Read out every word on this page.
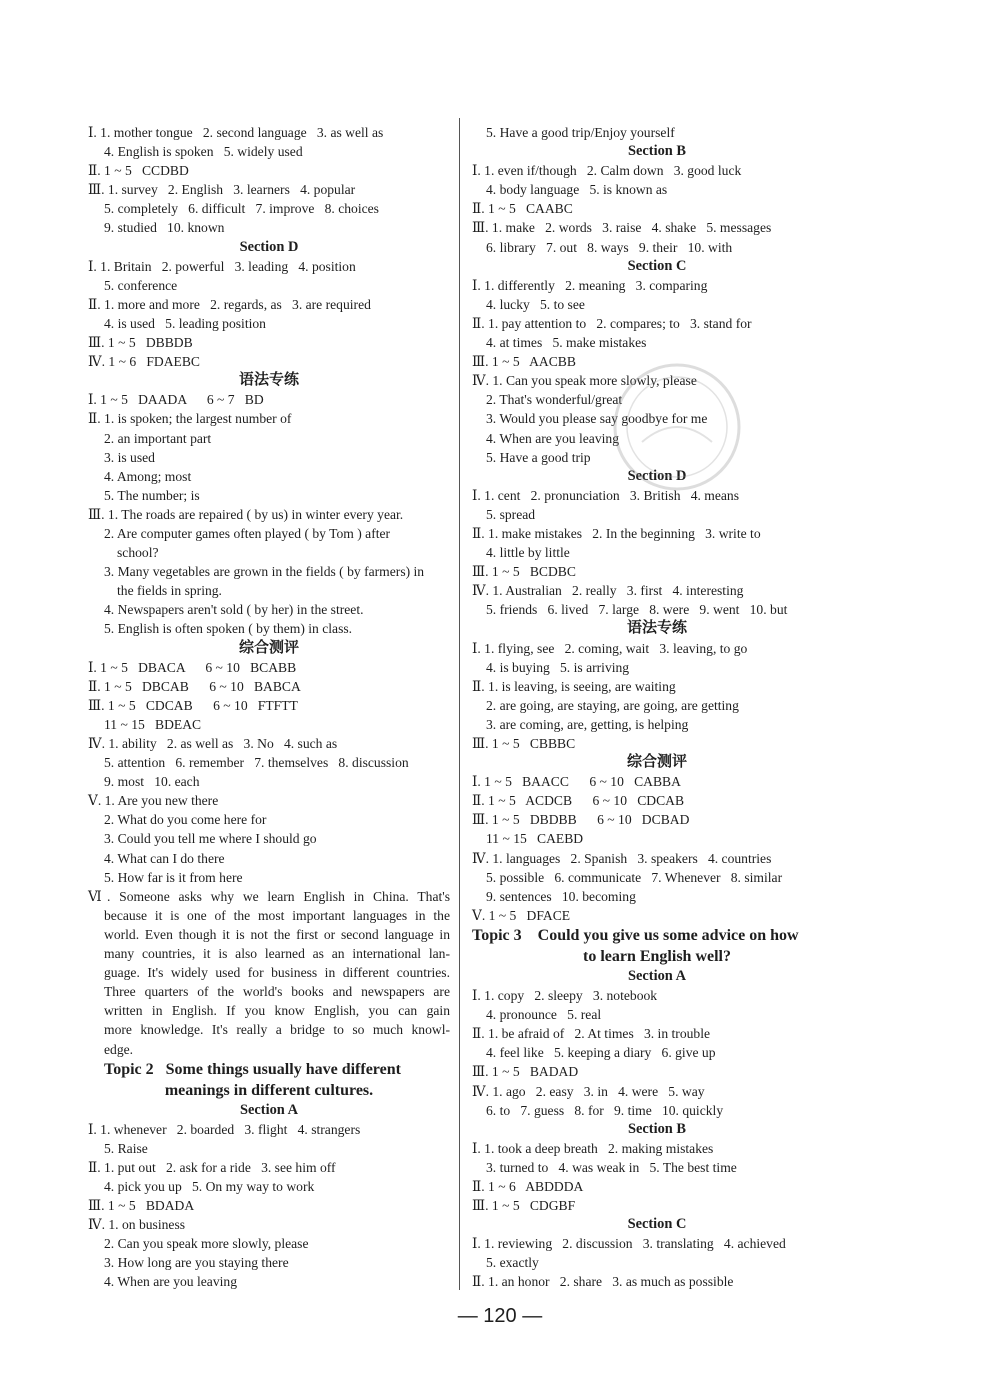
Ⅰ. 1. mother tongue   2. second language   3. as well as
4. English is spoken   5. widely used
Ⅱ. 1 ~ 5   CCDBD
Ⅲ. 1. survey   2. English   3. learners   4. popular
5. completely   6. difficult   7. improve   8. choices
9. studied   10. known
Section D
Ⅰ. 1. Britain   2. powerful   3. leading   4. position
5. conference
Ⅱ. 1. more and more   2. regards, as   3. are required
4. is used   5. leading position
Ⅲ. 1 ~ 5   DBBDB
Ⅳ. 1 ~ 6   FDAEBC
语法专练
Ⅰ. 1 ~ 5   DAADA      6 ~ 7   BD
Ⅱ. 1. is spoken; the largest number of
2. an important part
3. is used
4. Among; most
5. The number; is
Ⅲ. 1. The roads are repaired ( by us) in winter every year.
2. Are computer games often played ( by Tom ) after
school?
3. Many vegetables are grown in the fields ( by farmers) in
the fields in spring.
4. Newspapers aren't sold ( by her) in the street.
5. English is often spoken ( by them) in class.
综合测评
Ⅰ. 1 ~ 5   DBACA      6 ~ 10   BCABB
Ⅱ. 1 ~ 5   DBCAB      6 ~ 10   BABCA
Ⅲ. 1 ~ 5   CDCAB      6 ~ 10   FTFTT
11 ~ 15   BDEAC
Ⅳ. 1. ability   2. as well as   3. No   4. such as
5. attention   6. remember   7. themselves   8. discussion
9. most   10. each
Ⅴ. 1. Are you new there
2. What do you come here for
3. Could you tell me where I should go
4. What can I do there
5. How far is it from here
Ⅵ. Someone asks why we learn English in China. That's
because it is one of the most important languages in the
world. Even though it is not the first or second language in
many countries, it is also learned as an international lan-
guage. It's widely used for business in different countries.
Three quarters of the world's books and newspapers are
written in English. If you know English, you can gain
more knowledge. It's really a bridge to so much knowl-
edge.
Topic 2   Some things usually have different
meanings in different cultures.
Section A
Ⅰ. 1. whenever   2. boarded   3. flight   4. strangers
5. Raise
Ⅱ. 1. put out   2. ask for a ride   3. see him off
4. pick you up   5. On my way to work
Ⅲ. 1 ~ 5   BDADA
Ⅳ. 1. on business
2. Can you speak more slowly, please
3. How long are you staying there
4. When are you leaving
5. Have a good trip/Enjoy yourself
Section B
Ⅰ. 1. even if/though   2. Calm down   3. good luck
4. body language   5. is known as
Ⅱ. 1 ~ 5   CAABC
Ⅲ. 1. make   2. words   3. raise   4. shake   5. messages
6. library   7. out   8. ways   9. their   10. with
Section C
Ⅰ. 1. differently   2. meaning   3. comparing
4. lucky   5. to see
Ⅱ. 1. pay attention to   2. compares; to   3. stand for
4. at times   5. make mistakes
Ⅲ. 1 ~ 5   AACBB
Ⅳ. 1. Can you speak more slowly, please
2. That's wonderful/great
3. Would you please say goodbye for me
4. When are you leaving
5. Have a good trip
Section D
Ⅰ. 1. cent   2. pronunciation   3. British   4. means
5. spread
Ⅱ. 1. make mistakes   2. In the beginning   3. write to
4. little by little
Ⅲ. 1 ~ 5   BCDBC
Ⅳ. 1. Australian   2. really   3. first   4. interesting
5. friends   6. lived   7. large   8. were   9. went   10. but
语法专练
Ⅰ. 1. flying, see   2. coming, wait   3. leaving, to go
4. is buying   5. is arriving
Ⅱ. 1. is leaving, is seeing, are waiting
2. are going, are staying, are going, are getting
3. are coming, are, getting, is helping
Ⅲ. 1 ~ 5   CBBBC
综合测评
Ⅰ. 1 ~ 5   BAACC      6 ~ 10   CABBA
Ⅱ. 1 ~ 5   ACDCB      6 ~ 10   CDCAB
Ⅲ. 1 ~ 5   DBDBB      6 ~ 10   DCBAD
11 ~ 15   CAEBD
Ⅳ. 1. languages   2. Spanish   3. speakers   4. countries
5. possible   6. communicate   7. Whenever   8. similar
9. sentences   10. becoming
Ⅴ. 1 ~ 5   DFACE
Topic 3    Could you give us some advice on how
to learn English well?
Section A
Ⅰ. 1. copy   2. sleepy   3. notebook
4. pronounce   5. real
Ⅱ. 1. be afraid of   2. At times   3. in trouble
4. feel like   5. keeping a diary   6. give up
Ⅲ. 1 ~ 5   BADAD
Ⅳ. 1. ago   2. easy   3. in   4. were   5. way
6. to   7. guess   8. for   9. time   10. quickly
Section B
Ⅰ. 1. took a deep breath   2. making mistakes
3. turned to   4. was weak in   5. The best time
Ⅱ. 1 ~ 6   ABDDDA
Ⅲ. 1 ~ 5   CDGBF
Section C
Ⅰ. 1. reviewing   2. discussion   3. translating   4. achieved
5. exactly
Ⅱ. 1. an honor   2. share   3. as much as possible
— 120 —
